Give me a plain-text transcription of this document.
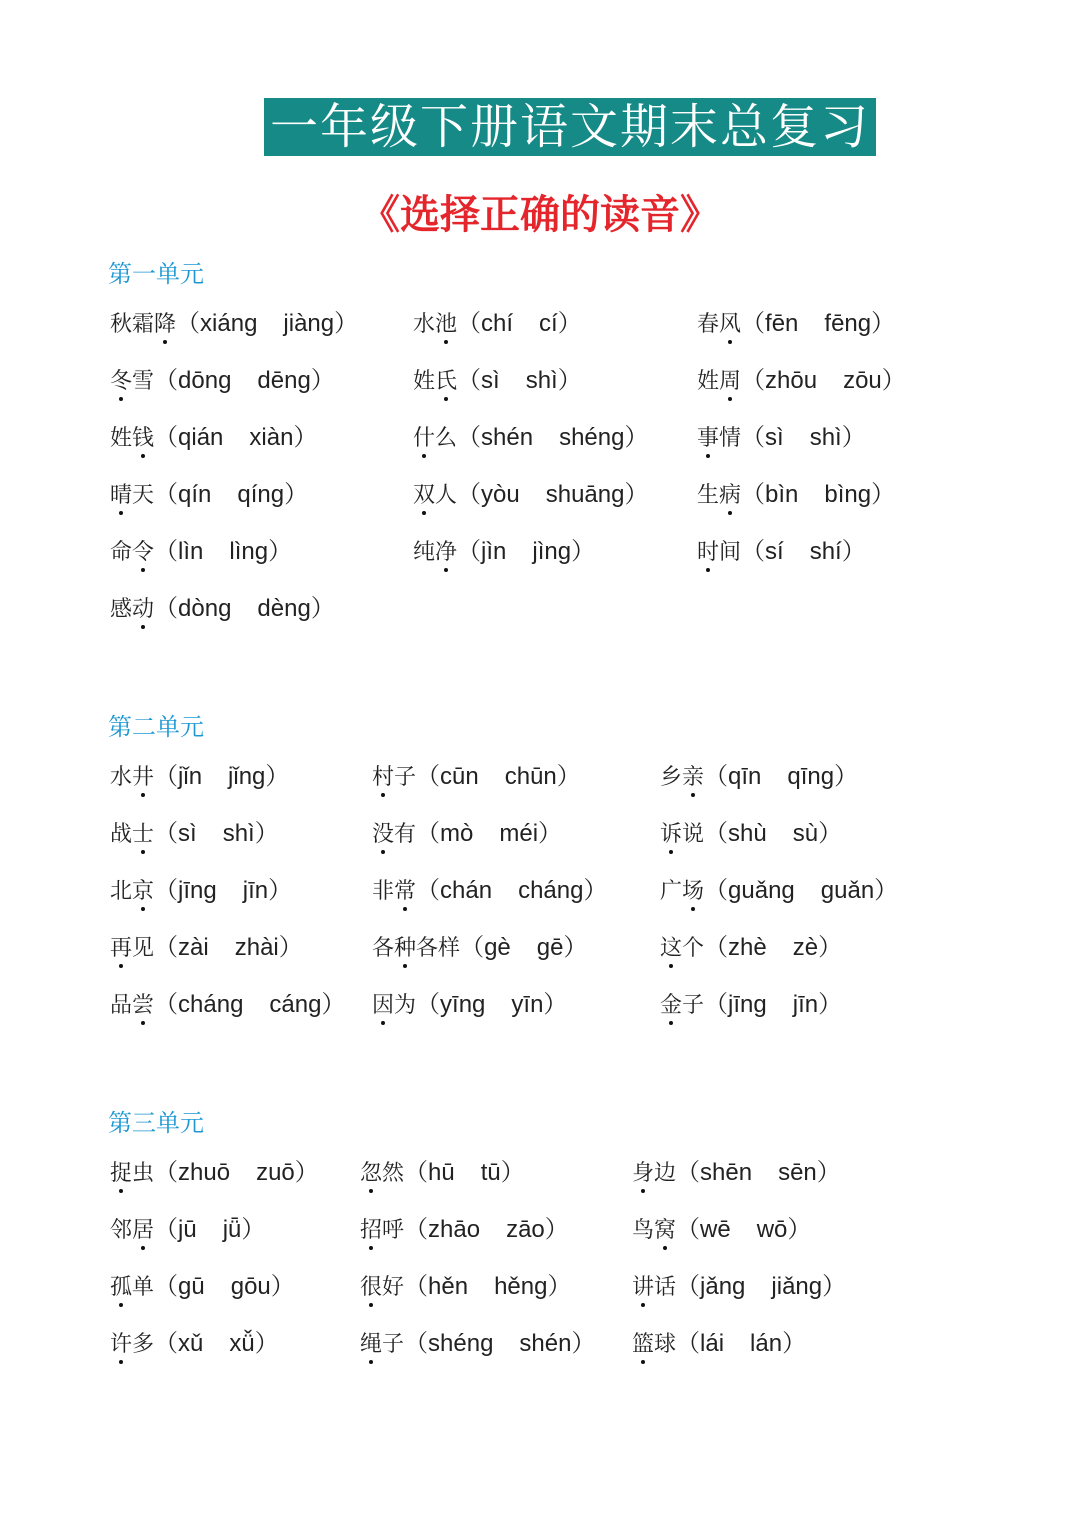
一年级下册语文期末总复习
《选择正确的读音》
第一单元
第二单元
第三单元
秋霜降（xiáng jiàng） 水池（chí cí）	春风（fēn fēng）
冬雪（dōng dēng）	姓氏（sì shì）	姓周（zhōu zōu）
姓钱（qián xiàn）	什么（shén shéng） 事情（sì shì）
晴天（qín qíng）	双人（yòu shuāng） 生病（bìn bìng）
命令（lìn lìng）	纯净（jìn jìng）	时间（sí shí）
感动（dòng dèng）
水井（jǐn jǐng）	村子（cūn chūn）	乡亲（qīn qīng）
战士（sì shì）	没有（mò méi）	诉说（shù sù）
北京（jīng jīn）	非常（chán cháng） 广场（guǎng guǎn）
再见（zài zhài）	各种各样（gè gē）	这个（zhè zè）
品尝（cháng cáng） 因为（yīng yīn）	金子（jīng jīn）
捉虫（zhuō zuō） 忽然（hū tū）	身边（shēn sēn）
邻居（jū jǖ）	招呼（zhāo zāo）	鸟窝（wē wō）
孤单（gū gōu）	很好（hěn hěng）	讲话（jǎng jiǎng）
许多（xǔ xǚ）	绳子（shéng shén） 篮球（lái lán）
